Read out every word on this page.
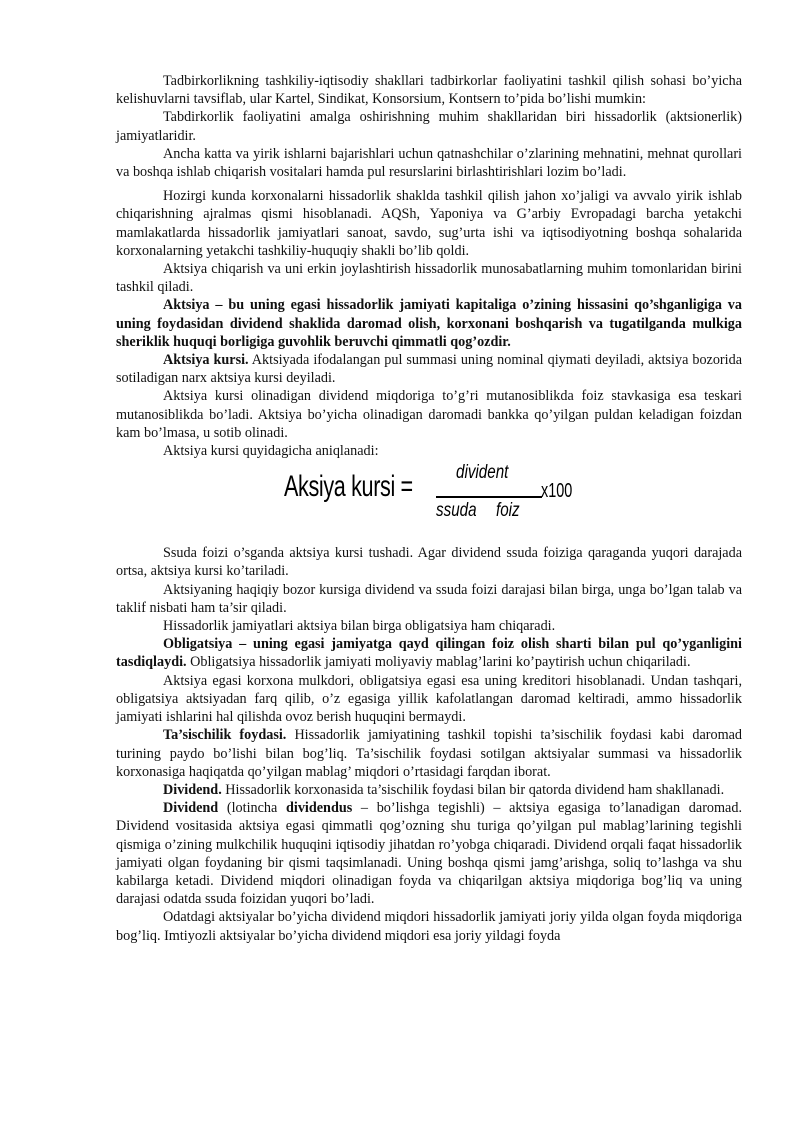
Tadbirkorlikning tashkiliy-iqtisodiy shakllari tadbirkorlar faoliyatini tashkil qilish sohasi bo’yicha kelishuvlarni tavsiflab, ular Kartel, Sindikat, Konsorsium, Kontsern to’pida bo’lishi mumkin:

Tabdirkorlik faoliyatini amalga oshirishning muhim shakllaridan biri hissadorlik (aktsionerlik) jamiyatlaridir.

Ancha katta va yirik ishlarni bajarishlari uchun qatnashchilar o’zlarining mehnatini, mehnat qurollari va boshqa ishlab chiqarish vositalari hamda pul resurslarini birlashtirishlari lozim bo’ladi.

Hozirgi kunda korxonalarni hissadorlik shaklda tashkil qilish jahon xo’jaligi va avvalo yirik ishlab chiqarishning ajralmas qismi hisoblanadi. AQSh, Yaponiya va G’arbiy Evropadagi barcha yetakchi mamlakatlarda hissadorlik jamiyatlari sanoat, savdo, sug’urta ishi va iqtisodiyotning boshqa sohalarida korxonalarning yetakchi tashkiliy-huquqiy shakli bo’lib qoldi.

Aktsiya chiqarish va uni erkin joylashtirish hissadorlik munosabatlarning muhim tomonlaridan birini tashkil qiladi.

Aktsiya – bu uning egasi hissadorlik jamiyati kapitaliga o’zining hissasini qo’shganligiga va uning foydasidan dividend shaklida daromad olish, korxonani boshqarish va tugatilganda mulkiga sheriklik huquqi borligiga guvohlik beruvchi qimmatli qog’ozdir.

Aktsiya kursi. Aktsiyada ifodalangan pul summasi uning nominal qiymati deyiladi, aktsiya bozorida sotiladigan narx aktsiya kursi deyiladi.

Aktsiya kursi olinadigan dividend miqdoriga to’g’ri mutanosiblikda foiz stavkasiga esa teskari mutanosiblikda bo’ladi. Aktsiya bo’yicha olinadigan daromadi bankka qo’yilgan puldan keladigan foizdan kam bo’lmasa, u sotib olinadi.

Aktsiya kursi quyidagicha aniqlanadi:

Aksiya kursi = divident
ssuda foiz
x100

Ssuda foizi o’sganda aktsiya kursi tushadi. Agar dividend ssuda foiziga qaraganda yuqori darajada ortsa, aktsiya kursi ko’tariladi.

Aktsiyaning haqiqiy bozor kursiga dividend va ssuda foizi darajasi bilan birga, unga bo’lgan talab va taklif nisbati ham ta’sir qiladi.

Hissadorlik jamiyatlari aktsiya bilan birga obligatsiya ham chiqaradi.

Obligatsiya – uning egasi jamiyatga qayd qilingan foiz olish sharti bilan pul qo’yganligini tasdiqlaydi. Obligatsiya hissadorlik jamiyati moliyaviy mablag’larini ko’paytirish uchun chiqariladi.

Aktsiya egasi korxona mulkdori, obligatsiya egasi esa uning kreditori hisoblanadi. Undan tashqari, obligatsiya aktsiyadan farq qilib, o’z egasiga yillik kafolatlangan daromad keltiradi, ammo hissadorlik jamiyati ishlarini hal qilishda ovoz berish huquqini bermaydi.

Ta’sischilik foydasi. Hissadorlik jamiyatining tashkil topishi ta’sischilik foydasi kabi daromad turining paydo bo’lishi bilan bog’liq. Ta’sischilik foydasi sotilgan aktsiyalar summasi va hissadorlik korxonasiga haqiqatda qo’yilgan mablag’ miqdori o’rtasidagi farqdan iborat.

Dividend. Hissadorlik korxonasida ta’sischilik foydasi bilan bir qatorda dividend ham shakllanadi.

Dividend (lotincha dividendus – bo’lishga tegishli) – aktsiya egasiga to’lanadigan daromad. Dividend vositasida aktsiya egasi qimmatli qog’ozning shu turiga qo’yilgan pul mablag’larining tegishli qismiga o’zining mulkchilik huquqini iqtisodiy jihatdan ro’yobga chiqaradi. Dividend orqali faqat hissadorlik jamiyati olgan foydaning bir qismi taqsimlanadi. Uning boshqa qismi jamg’arishga, soliq to’lashga va shu kabilarga ketadi. Dividend miqdori olinadigan foyda va chiqarilgan aktsiya miqdoriga bog’liq va uning darajasi odatda ssuda foizidan yuqori bo’ladi.

Odatdagi aktsiyalar bo’yicha dividend miqdori hissadorlik jamiyati joriy yilda olgan foyda miqdoriga bog’liq. Imtiyozli aktsiyalar bo’yicha dividend miqdori esa joriy yildagi foyda
